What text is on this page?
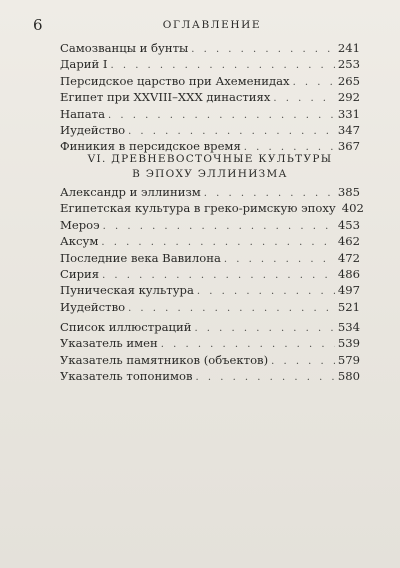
6	ОГЛАВЛЕНИЕ
Самозванцы и бунты . . .	241
Дарий I . . .	253
Персидское царство при Ахеменидах . . .	265
Египет при XXVIII–XXX династиях . . .	292
Напата . . .	331
Иудейство . . .	347
Финикия в персидское время . . .	367
VI. ДРЕВНЕВОСТОЧНЫЕ КУЛЬТУРЫ
В ЭПОХУ ЭЛЛИНИЗМА
Александр и эллинизм . . .	385
Египетская культура в греко-римскую эпоху 402
Мероэ . . .	453
Аксум . . .	462
Последние века Вавилона . . .	472
Сирия . . .	486
Пуническая культура . . .	497
Иудейство . . .	521
Список иллюстраций . . .	534
Указатель имен . . .	539
Указатель памятников (объектов) . . .	579
Указатель топонимов . . .	580
